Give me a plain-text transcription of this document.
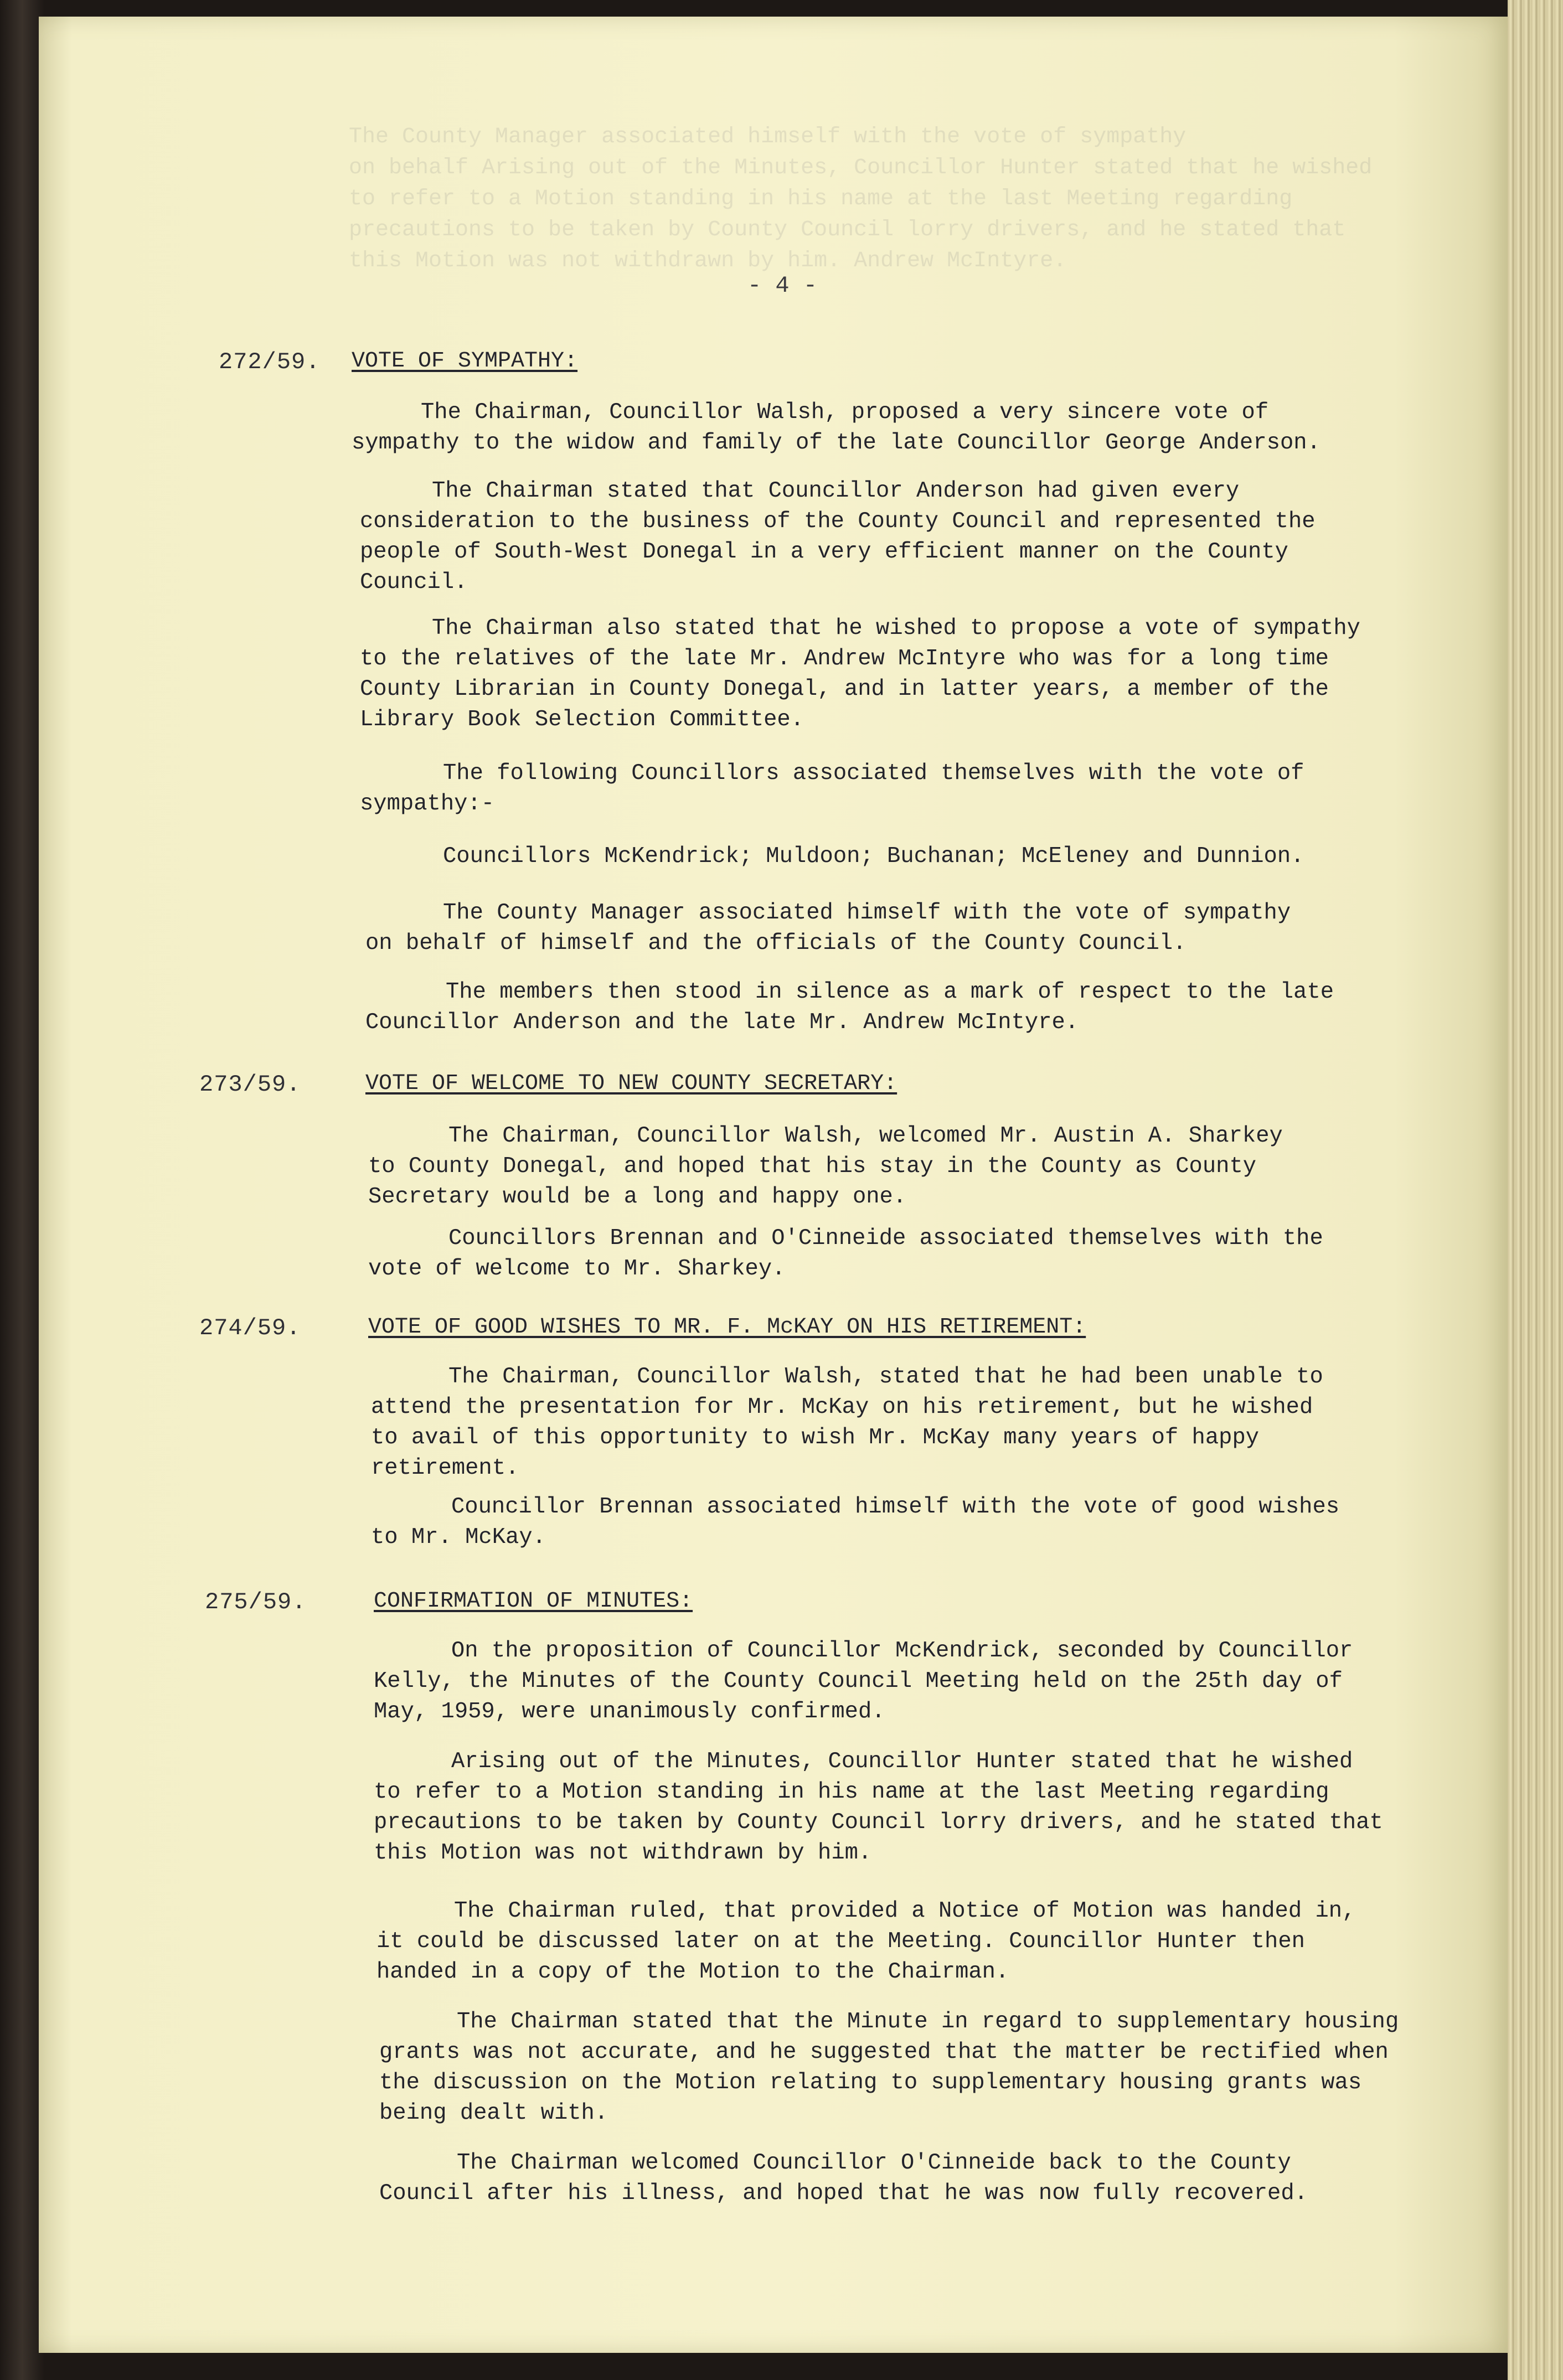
The County Manager associated himself with the vote of sympathy
on behalf Arising out of the Minutes, Councillor Hunter stated that he wished
to refer to a Motion standing in his name at the last Meeting regarding
precautions to be taken by County Council lorry drivers, and he stated that
this Motion was not withdrawn by him. Andrew McIntyre.
- 4 -
272/59. VOTE OF SYMPATHY:
The Chairman, Councillor Walsh, proposed a very sincere vote of
sympathy to the widow and family of the late Councillor George Anderson.
The Chairman stated that Councillor Anderson had given every
consideration to the business of the County Council and represented the
people of South-West Donegal in a very efficient manner on the County
Council.
The Chairman also stated that he wished to propose a vote of sympathy
to the relatives of the late Mr. Andrew McIntyre who was for a long time
County Librarian in County Donegal, and in latter years, a member of the
Library Book Selection Committee.
The following Councillors associated themselves with the vote of
sympathy:-
Councillors McKendrick; Muldoon; Buchanan; McEleney and Dunnion.
The County Manager associated himself with the vote of sympathy
on behalf of himself and the officials of the County Council.
The members then stood in silence as a mark of respect to the late
Councillor Anderson and the late Mr. Andrew McIntyre.
273/59.	VOTE OF WELCOME TO NEW COUNTY SECRETARY:
The Chairman, Councillor Walsh, welcomed Mr. Austin A. Sharkey
to County Donegal, and hoped that his stay in the County as County
Secretary would be a long and happy one.
Councillors Brennan and O'Cinneide associated themselves with the
vote of welcome to Mr. Sharkey.
274/59.	VOTE OF GOOD WISHES TO MR. F. McKAY ON HIS RETIREMENT:
The Chairman, Councillor Walsh, stated that he had been unable to
attend the presentation for Mr. McKay on his retirement, but he wished
to avail of this opportunity to wish Mr. McKay many years of happy
retirement.
Councillor Brennan associated himself with the vote of good wishes
to Mr. McKay.
275/59.	CONFIRMATION OF MINUTES:
On the proposition of Councillor McKendrick, seconded by Councillor
Kelly, the Minutes of the County Council Meeting held on the 25th day of
May, 1959, were unanimously confirmed.
Arising out of the Minutes, Councillor Hunter stated that he wished
to refer to a Motion standing in his name at the last Meeting regarding
precautions to be taken by County Council lorry drivers, and he stated that
this Motion was not withdrawn by him.
The Chairman ruled, that provided a Notice of Motion was handed in,
it could be discussed later on at the Meeting. Councillor Hunter then
handed in a copy of the Motion to the Chairman.
The Chairman stated that the Minute in regard to supplementary housing
grants was not accurate, and he suggested that the matter be rectified when
the discussion on the Motion relating to supplementary housing grants was
being dealt with.
The Chairman welcomed Councillor O'Cinneide back to the County
Council after his illness, and hoped that he was now fully recovered.
